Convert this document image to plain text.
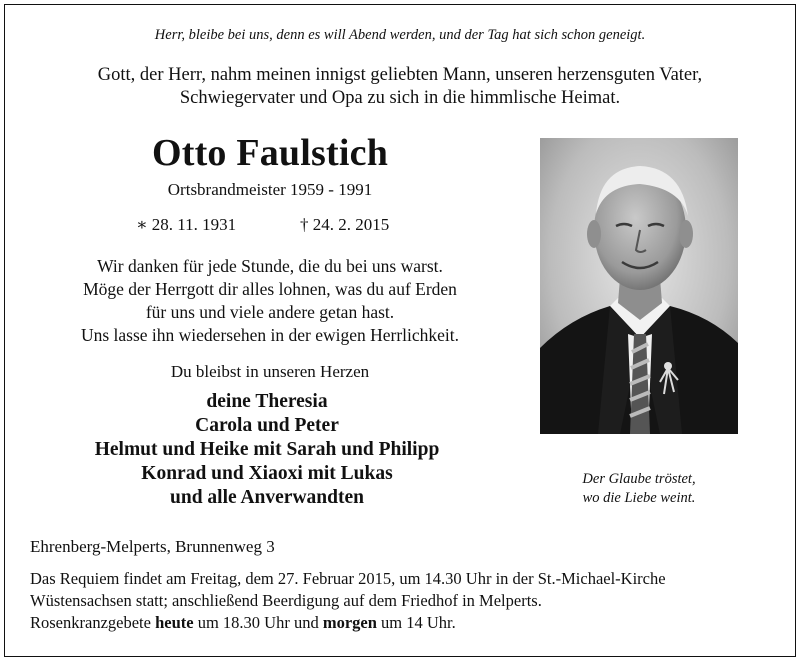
Herr, bleibe bei uns, denn es will Abend werden, und der Tag hat sich schon geneigt.
Gott, der Herr, nahm meinen innigst geliebten Mann, unseren herzensguten Vater,
Schwiegervater und Opa zu sich in die himmlische Heimat.
Otto Faulstich
Ortsbrandmeister 1959 - 1991
∗ 28. 11. 1931	† 24. 2. 2015
Wir danken für jede Stunde, die du bei uns warst.
Möge der Herrgott dir alles lohnen, was du auf Erden
für uns und viele andere getan hast.
Uns lasse ihn wiedersehen in der ewigen Herrlichkeit.
Du bleibst in unseren Herzen
deine Theresia
Carola und Peter
Helmut und Heike mit Sarah und Philipp
Konrad und Xiaoxi mit Lukas
und alle Anverwandten
Der Glaube tröstet,
wo die Liebe weint.
Ehrenberg-Melperts, Brunnenweg 3
Das Requiem findet am Freitag, dem 27. Februar 2015, um 14.30 Uhr in der St.-Michael-Kirche
Wüstensachsen statt; anschließend Beerdigung auf dem Friedhof in Melperts.
Rosenkranzgebete heute um 18.30 Uhr und morgen um 14 Uhr.
